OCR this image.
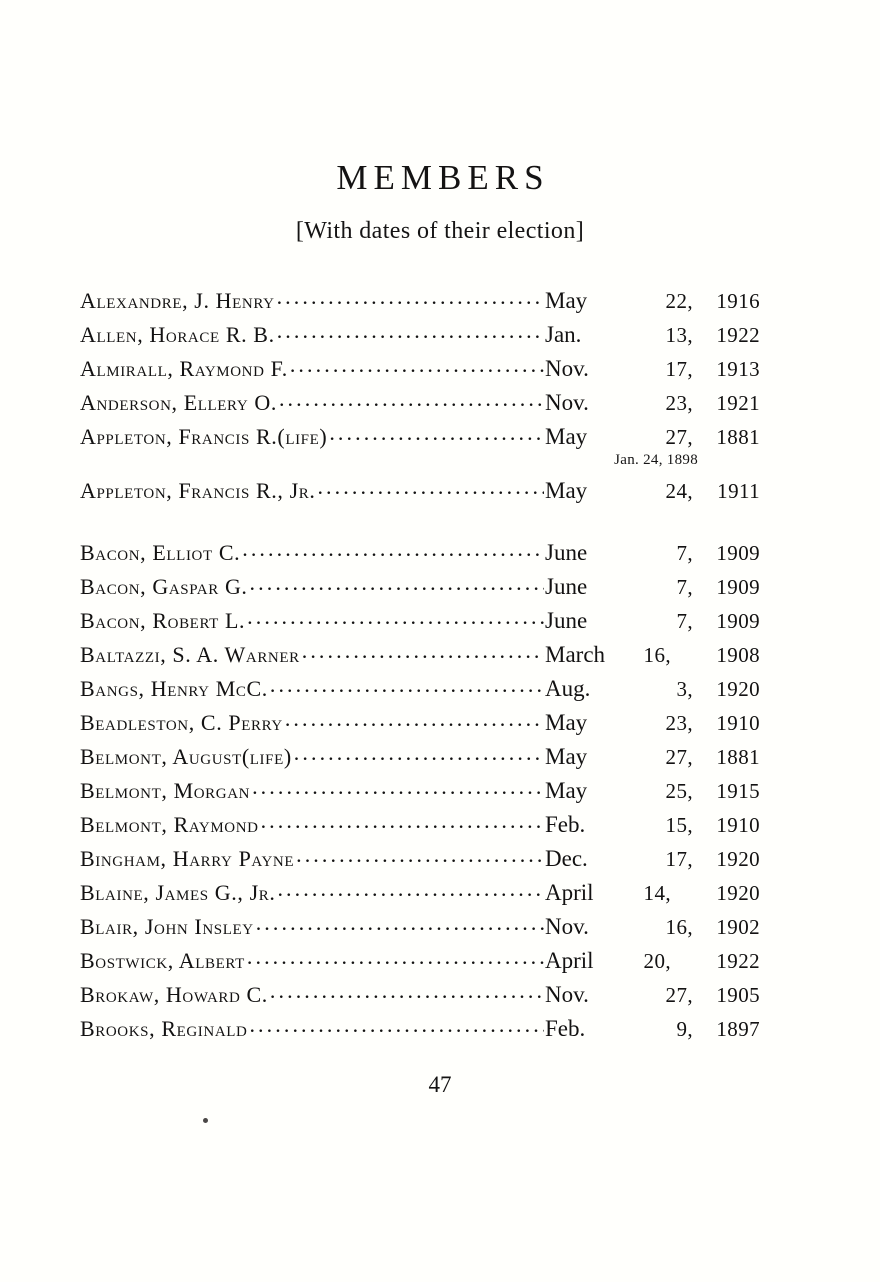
MEMBERS
[With dates of their election]
Alexandre, J. Henry .....	May	22,	1916
Allen, Horace R. B. .....	Jan.	13,	1922
Almirall, Raymond F. .....	Nov.	17,	1913
Anderson, Ellery O. .....	Nov.	23,	1921
Appleton, Francis R. (life) .....	May	27,	1881
Jan. 24, 1898
Appleton, Francis R., Jr. .....	May	24,	1911
Bacon, Elliot C. .....	June	7,	1909
Bacon, Gaspar G. .....	June	7,	1909
Bacon, Robert L. .....	June	7,	1909
Baltazzi, S. A. Warner .....	March	16,	1908
Bangs, Henry McC. .....	Aug.	3,	1920
Beadleston, C. Perry .....	May	23,	1910
Belmont, August (life) .....	May	27,	1881
Belmont, Morgan .....	May	25,	1915
Belmont, Raymond .....	Feb.	15,	1910
Bingham, Harry Payne .....	Dec.	17,	1920
Blaine, James G., Jr. .....	April	14,	1920
Blair, John Insley .....	Nov.	16,	1902
Bostwick, Albert .....	April	20,	1922
Brokaw, Howard C. .....	Nov.	27,	1905
Brooks, Reginald .....	Feb.	9,	1897
47
